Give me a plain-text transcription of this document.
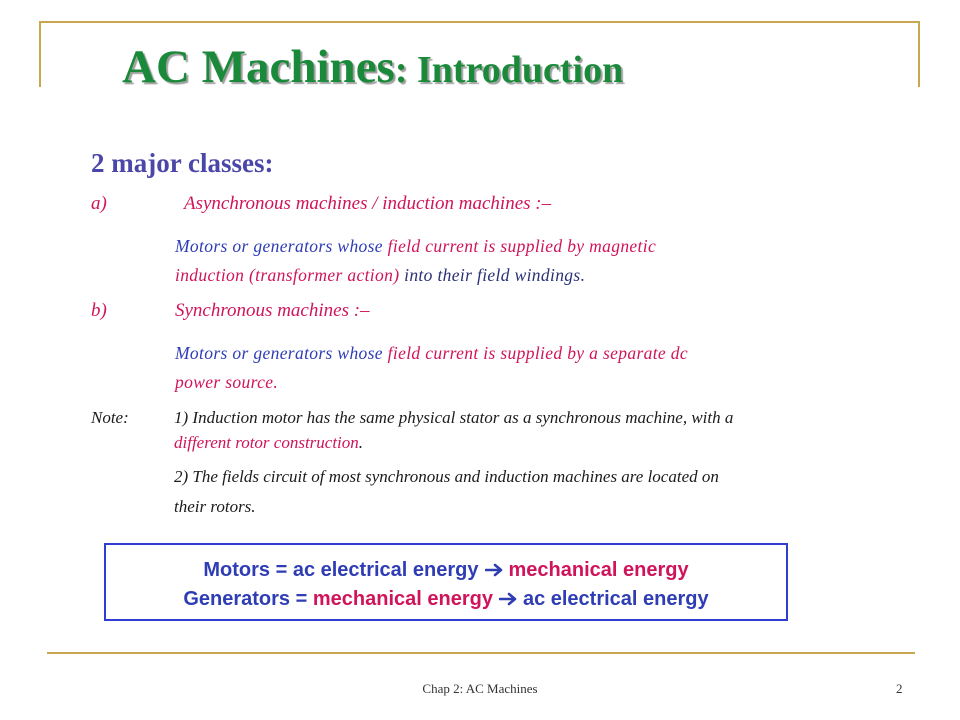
AC Machines: Introduction
2 major classes:
a)	Asynchronous machines / induction machines :–
Motors or generators whose field current is supplied by magnetic
induction (transformer action) into their field windings.
b)	Synchronous machines :–
Motors or generators whose field current is supplied by a separate dc
power source.
Note:	1) Induction motor has the same physical stator as a synchronous machine, with a
different rotor construction.
2) The fields circuit of most synchronous and induction machines are located on
their rotors.
Motors = ac electrical energy mechanical energy
Generators = mechanical energy ac electrical energy
Chap 2: AC Machines	2
